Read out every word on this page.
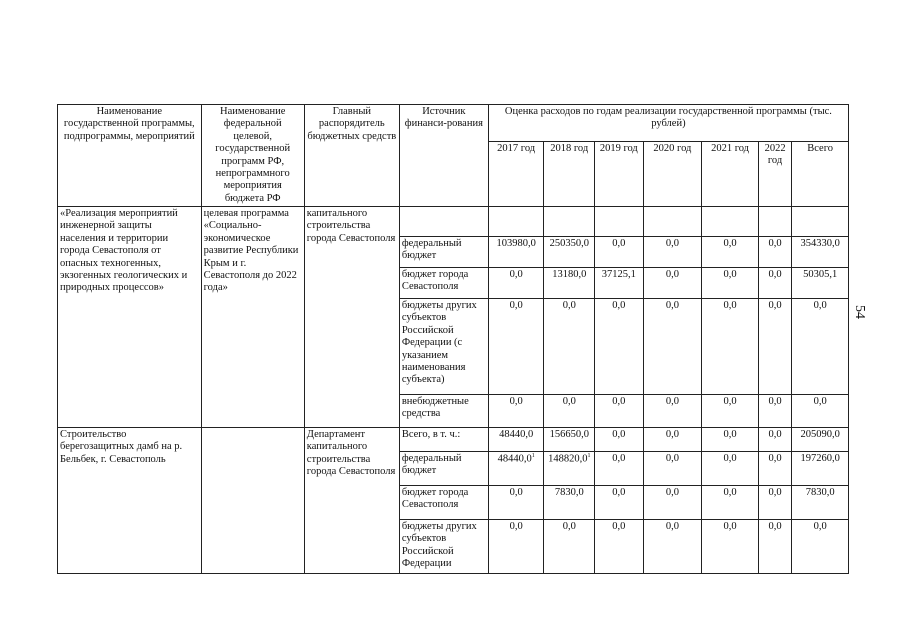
Наименование государственной программы, подпрограммы, мероприятий	Наименование федеральной целевой, государственной программ РФ, непрограммного мероприятия бюджета РФ	Главный распорядитель бюджетных средств	Источник финанси-рования	Оценка расходов по годам реализации государственной программы (тыс. рублей)						
				2017 год	2018 год	2019 год	2020 год	2021 год	2022 год	Всего
«Реализация мероприятий инженерной защиты населения и территории города Севастополя от опасных техногенных, экзогенных геологических и природных процессов»	целевая программа «Социально-экономическое развитие Республики Крым и г. Севастополя до 2022 года»	капитального строительства города Севастополя								
			федеральный бюджет	103980,0	250350,0	0,0	0,0	0,0	0,0	354330,0
			бюджет города Севастополя	0,0	13180,0	37125,1	0,0	0,0	0,0	50305,1
			бюджеты других субъектов Российской Федерации (с указанием наименования субъекта)	0,0	0,0	0,0	0,0	0,0	0,0	0,0
			внебюджетные средства	0,0	0,0	0,0	0,0	0,0	0,0	0,0
Строительство берегозащитных дамб на р. Бельбек, г. Севастополь		Департамент капитального строительства города Севастополя	Всего, в т. ч.:	48440,0	156650,0	0,0	0,0	0,0	0,0	205090,0
			федеральный бюджет	48440,0$^1$	148820,0$^1$	0,0	0,0	0,0	0,0	197260,0
			бюджет города Севастополя	0,0	7830,0	0,0	0,0	0,0	0,0	7830,0
			бюджеты других субъектов Российской Федерации	0,0	0,0	0,0	0,0	0,0	0,0	0,0
54
